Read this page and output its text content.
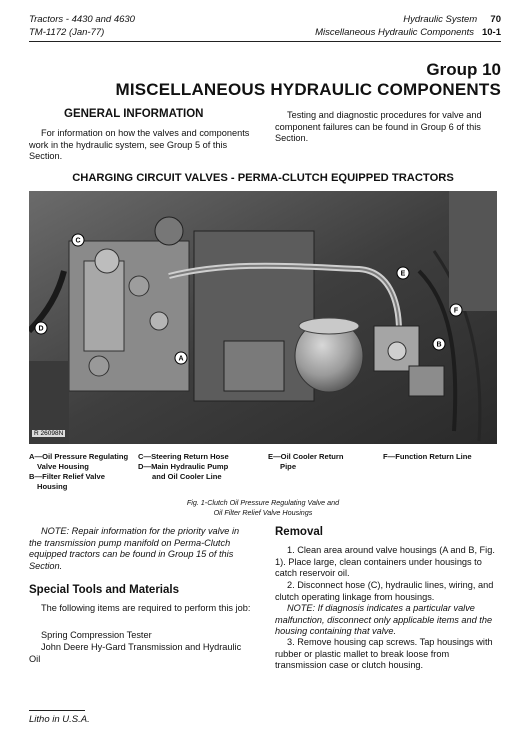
Tractors - 4430 and 4630
TM-1172 (Jan-77)
Hydraulic System 70
Miscellaneous Hydraulic Components 10-1
Group 10
MISCELLANEOUS HYDRAULIC COMPONENTS
GENERAL INFORMATION

For information on how the valves and components work in the hydraulic system, see Group 5 of this Section.

Testing and diagnostic procedures for valve and component failures can be found in Group 6 of this Section.

CHARGING CIRCUIT VALVES - PERMA-CLUTCH EQUIPPED TRACTORS
C
D
A
E
F
B
R 26098N
A—Oil Pressure Regulating
Valve Housing
B—Filter Relief Valve
Housing
C—Steering Return Hose
D—Main Hydraulic Pump
and Oil Cooler Line
E—Oil Cooler Return
Pipe
F—Function Return Line
Fig. 1-Clutch Oil Pressure Regulating Valve and
Oil Filter Relief Valve Housings

NOTE: Repair information for the priority valve in the transmission pump manifold on Perma-Clutch equipped tractors can be found in Group 15 of this Section.

Special Tools and Materials

The following items are required to perform this job:

Spring Compression Tester

John Deere Hy-Gard Transmission and Hydraulic Oil

Removal

1. Clean area around valve housings (A and B, Fig. 1). Place large, clean containers under housings to catch reservoir oil.

2. Disconnect hose (C), hydraulic lines, wiring, and clutch operating linkage from housings.

NOTE: If diagnosis indicates a particular valve malfunction, disconnect only applicable items and the housing containing that valve.

3. Remove housing cap screws. Tap housings with rubber or plastic mallet to break loose from transmission case or clutch housing.

Litho in U.S.A.
